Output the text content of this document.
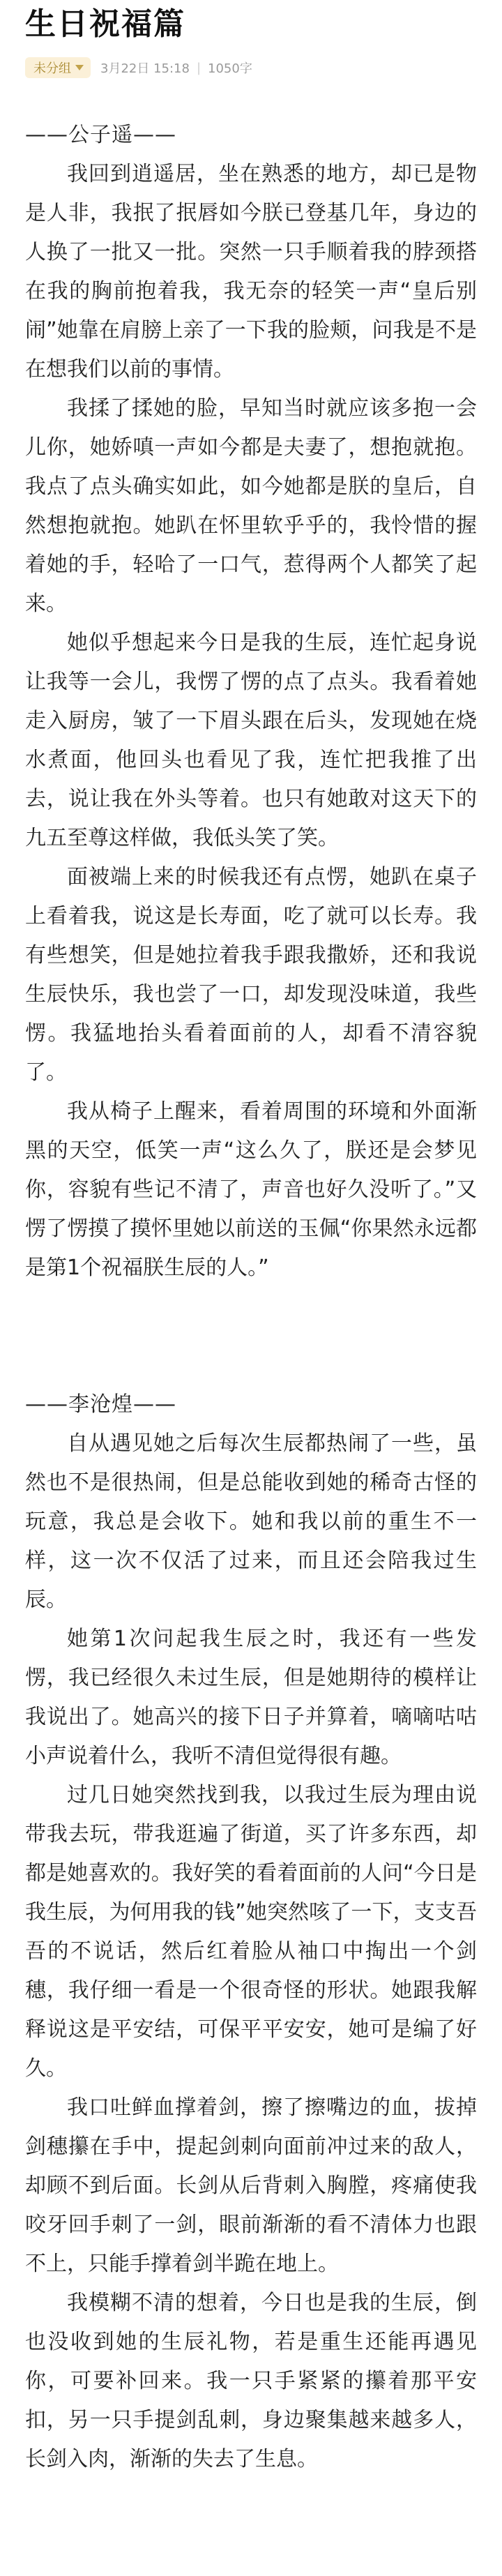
生日祝福篇
未分组 3月22日 15:18 | 1050字

——公子遥——

我回到逍遥居，坐在熟悉的地方，却已是物是人非，我抿了抿唇如今朕已登基几年，身边的人换了一批又一批。突然一只手顺着我的脖颈搭在我的胸前抱着我，我无奈的轻笑一声“皇后别闹”她靠在肩膀上亲了一下我的脸颊，问我是不是在想我们以前的事情。

我揉了揉她的脸，早知当时就应该多抱一会儿你，她娇嗔一声如今都是夫妻了，想抱就抱。我点了点头确实如此，如今她都是朕的皇后，自然想抱就抱。她趴在怀里软乎乎的，我怜惜的握着她的手，轻哈了一口气，惹得两个人都笑了起来。

她似乎想起来今日是我的生辰，连忙起身说让我等一会儿，我愣了愣的点了点头。我看着她走入厨房，皱了一下眉头跟在后头，发现她在烧水煮面，他回头也看见了我，连忙把我推了出去，说让我在外头等着。也只有她敢对这天下的九五至尊这样做，我低头笑了笑。

面被端上来的时候我还有点愣，她趴在桌子上看着我，说这是长寿面，吃了就可以长寿。我有些想笑，但是她拉着我手跟我撒娇，还和我说生辰快乐，我也尝了一口，却发现没味道，我些愣。我猛地抬头看着面前的人，却看不清容貌了。

我从椅子上醒来，看着周围的环境和外面渐黑的天空，低笑一声“这么久了，朕还是会梦见你，容貌有些记不清了，声音也好久没听了。”又愣了愣摸了摸怀里她以前送的玉佩“你果然永远都是第1个祝福朕生辰的人。”

——李沧煌——

自从遇见她之后每次生辰都热闹了一些，虽然也不是很热闹，但是总能收到她的稀奇古怪的玩意，我总是会收下。她和我以前的重生不一样，这一次不仅活了过来，而且还会陪我过生辰。

她第1次问起我生辰之时，我还有一些发愣，我已经很久未过生辰，但是她期待的模样让我说出了。她高兴的接下日子并算着，嘀嘀咕咕小声说着什么，我听不清但觉得很有趣。

过几日她突然找到我，以我过生辰为理由说带我去玩，带我逛遍了街道，买了许多东西，却都是她喜欢的。我好笑的看着面前的人问“今日是我生辰，为何用我的钱”她突然咳了一下，支支吾吾的不说话，然后红着脸从袖口中掏出一个剑穗，我仔细一看是一个很奇怪的形状。她跟我解释说这是平安结，可保平平安安，她可是编了好久。

我口吐鲜血撑着剑，擦了擦嘴边的血，拔掉剑穗攥在手中，提起剑刺向面前冲过来的敌人，却顾不到后面。长剑从后背刺入胸膛，疼痛使我咬牙回手刺了一剑，眼前渐渐的看不清体力也跟不上，只能手撑着剑半跪在地上。

我模糊不清的想着，今日也是我的生辰，倒也没收到她的生辰礼物，若是重生还能再遇见你，可要补回来。我一只手紧紧的攥着那平安扣，另一只手提剑乱刺，身边聚集越来越多人，长剑入肉，渐渐的失去了生息。
